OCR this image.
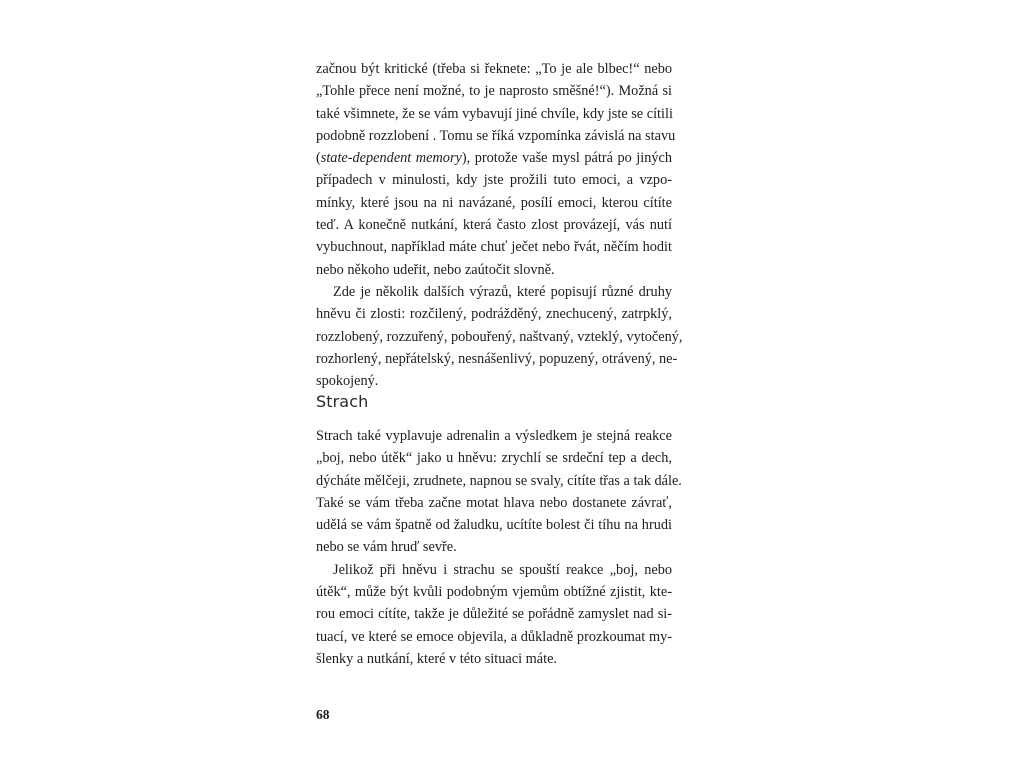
začnou být kritické (třeba si řeknete: „To je ale blbec!“ nebo
„Tohle přece není možné, to je naprosto směšné!“). Možná si
také všimnete, že se vám vybavují jiné chvíle, kdy jste se cítili
podobně rozzlobení . Tomu se říká vzpomínka závislá na stavu
(state-dependent memory), protože vaše mysl pátrá po jiných
případech v minulosti, kdy jste prožili tuto emoci, a vzpo-
mínky, které jsou na ni navázané, posílí emoci, kterou cítíte
teď. A konečně nutkání, která často zlost provázejí, vás nutí
vybuchnout, například máte chuť ječet nebo řvát, něčím hodit
nebo někoho udeřit, nebo zaútočit slovně.
Zde je několik dalších výrazů, které popisují různé druhy
hněvu či zlosti: rozčilený, podrážděný, znechucený, zatrpklý,
rozzlobený, rozzuřený, pobouřený, naštvaný, vzteklý, vytočený,
rozhorlený, nepřátelský, nesnášenlivý, popuzený, otrávený, ne-
spokojený.
Strach
Strach také vyplavuje adrenalin a výsledkem je stejná reakce
„boj, nebo útěk“ jako u hněvu: zrychlí se srdeční tep a dech,
dýcháte mělčeji, zrudnete, napnou se svaly, cítíte třas a tak dále.
Také se vám třeba začne motat hlava nebo dostanete závrať,
udělá se vám špatně od žaludku, ucítíte bolest či tíhu na hrudi
nebo se vám hruď sevře.
Jelikož při hněvu i strachu se spouští reakce „boj, nebo
útěk“, může být kvůli podobným vjemům obtížné zjistit, kte-
rou emoci cítíte, takže je důležité se pořádně zamyslet nad si-
tuací, ve které se emoce objevila, a důkladně prozkoumat my-
šlenky a nutkání, které v této situaci máte.
68
